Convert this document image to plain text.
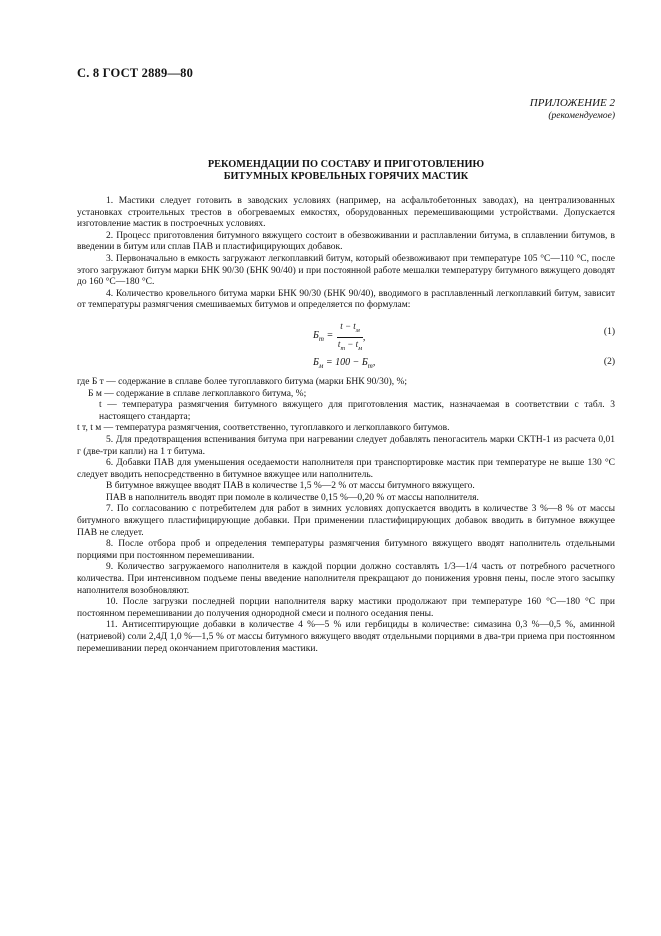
С. 8 ГОСТ 2889—80
ПРИЛОЖЕНИЕ 2
(рекомендуемое)
РЕКОМЕНДАЦИИ ПО СОСТАВУ И ПРИГОТОВЛЕНИЮ
БИТУМНЫХ КРОВЕЛЬНЫХ ГОРЯЧИХ МАСТИК

1. Мастики следует готовить в заводских условиях (например, на асфальтобетонных заводах), на централизованных установках строительных трестов в обогреваемых емкостях, оборудованных перемешивающими устройствами. Допускается изготовление мастик в построечных условиях.

2. Процесс приготовления битумного вяжущего состоит в обезвоживании и расплавлении битума, в сплавлении битумов, в введении в битум или сплав ПАВ и пластифицирующих добавок.

3. Первоначально в емкость загружают легкоплавкий битум, который обезвоживают при температуре 105 °С—110 °С, после этого загружают битум марки БНК 90/30 (БНК 90/40) и при постоянной работе мешалки температуру битумного вяжущего доводят до 160 °С—180 °С.

4. Количество кровельного битума марки БНК 90/30 (БНК 90/40), вводимого в расплавленный легкоплавкий битум, зависит от температуры размягчения смешиваемых битумов и определяется по формулам:

$Б_т = \frac{t - t_м}{t_т - t_м}$ ,
(1)
$Б_м = 100 - Б_т$,	(2)

где Б т — содержание в сплаве более тугоплавкого битума (марки БНК 90/30), %;

Б м — содержание в сплаве легкоплавкого битума, %;

t — температура размягчения битумного вяжущего для приготовления мастик, назначаемая в соответствии с табл. 3 настоящего стандарта;

t т, t м — температура размягчения, соответственно, тугоплавкого и легкоплавкого битумов.

5. Для предотвращения вспенивания битума при нагревании следует добавлять пеногаситель марки СКТН-1 из расчета 0,01 г (две-три капли) на 1 т битума.

6. Добавки ПАВ для уменьшения оседаемости наполнителя при транспортировке мастик при температуре не выше 130 °С следует вводить непосредственно в битумное вяжущее или наполнитель.

В битумное вяжущее вводят ПАВ в количестве 1,5 %—2 % от массы битумного вяжущего.

ПАВ в наполнитель вводят при помоле в количестве 0,15 %—0,20 % от массы наполнителя.

7. По согласованию с потребителем для работ в зимних условиях допускается вводить в количестве 3 %—8 % от массы битумного вяжущего пластифицирующие добавки. При применении пластифицирующих добавок вводить в битумное вяжущее ПАВ не следует.

8. После отбора проб и определения температуры размягчения битумного вяжущего вводят наполнитель отдельными порциями при постоянном перемешивании.

9. Количество загружаемого наполнителя в каждой порции должно составлять 1/3—1/4 часть от потребного расчетного количества. При интенсивном подъеме пены введение наполнителя прекращают до понижения уровня пены, после этого засыпку наполнителя возобновляют.

10. После загрузки последней порции наполнителя варку мастики продолжают при температуре 160 °С—180 °С при постоянном перемешивании до получения однородной смеси и полного оседания пены.

11. Антисептирующие добавки в количестве 4 %—5 % или гербициды в количестве: симазина 0,3 %—0,5 %, аминной (натриевой) соли 2,4Д 1,0 %—1,5 % от массы битумного вяжущего вводят отдельными порциями в два-три приема при постоянном перемешивании перед окончанием приготовления мастики.
